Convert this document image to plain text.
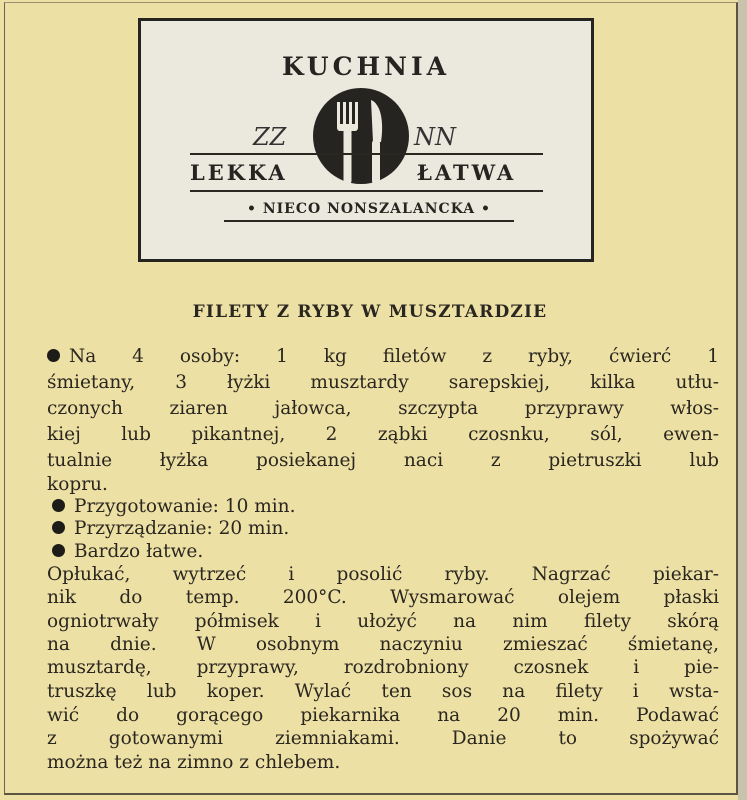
KUCHNIA
ZZ	NN
LEKKA	ŁATWA
• NIECO NONSZALANCKA •
FILETY Z RYBY W MUSZTARDZIE
Na 4 osoby: 1 kg filetów z ryby, ćwierć 1
śmietany, 3 łyżki musztardy sarepskiej, kilka utłu-
czonych ziaren jałowca, szczypta przyprawy włos-
kiej lub pikantnej, 2 ząbki czosnku, sól, ewen-
tualnie łyżka posiekanej naci z pietruszki lub
kopru.
Przygotowanie: 10 min.
Przyrządzanie: 20 min.
Bardzo łatwe.
Opłukać, wytrzeć i posolić ryby. Nagrzać piekar-
nik do temp. 200°C. Wysmarować olejem płaski
ogniotrwały półmisek i ułożyć na nim filety skórą
na dnie. W osobnym naczyniu zmieszać śmietanę,
musztardę, przyprawy, rozdrobniony czosnek i pie-
truszkę lub koper. Wylać ten sos na filety i wsta-
wić do gorącego piekarnika na 20 min. Podawać
z gotowanymi ziemniakami. Danie to spożywać
można też na zimno z chlebem.
